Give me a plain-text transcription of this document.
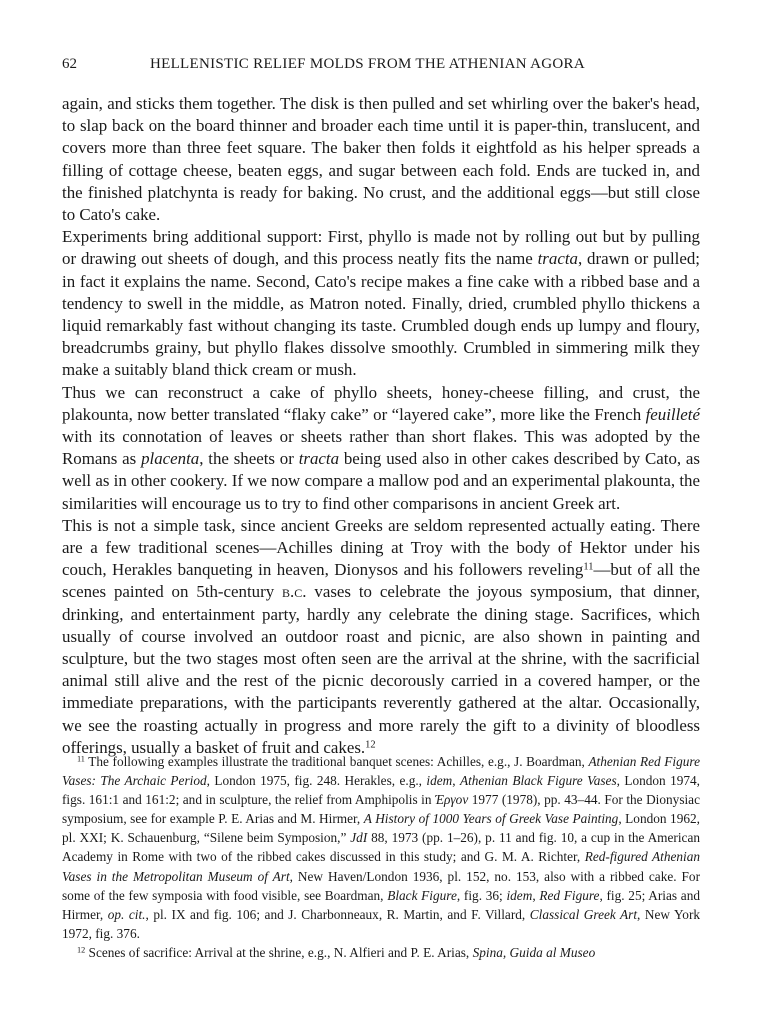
62	HELLENISTIC RELIEF MOLDS FROM THE ATHENIAN AGORA

again, and sticks them together. The disk is then pulled and set whirling over the baker's head, to slap back on the board thinner and broader each time until it is paper-thin, translucent, and covers more than three feet square. The baker then folds it eightfold as his helper spreads a filling of cottage cheese, beaten eggs, and sugar between each fold. Ends are tucked in, and the finished platchynta is ready for baking. No crust, and the additional eggs—but still close to Cato's cake.

Experiments bring additional support: First, phyllo is made not by rolling out but by pulling or drawing out sheets of dough, and this process neatly fits the name tracta, drawn or pulled; in fact it explains the name. Second, Cato's recipe makes a fine cake with a ribbed base and a tendency to swell in the middle, as Matron noted. Finally, dried, crumbled phyllo thickens a liquid remarkably fast without changing its taste. Crumbled dough ends up lumpy and floury, breadcrumbs grainy, but phyllo flakes dissolve smoothly. Crumbled in simmering milk they make a suitably bland thick cream or mush.

Thus we can reconstruct a cake of phyllo sheets, honey-cheese filling, and crust, the plakounta, now better translated “flaky cake” or “layered cake”, more like the French feuilleté with its connotation of leaves or sheets rather than short flakes. This was adopted by the Romans as placenta, the sheets or tracta being used also in other cakes described by Cato, as well as in other cookery. If we now compare a mallow pod and an experimental plakounta, the similarities will encourage us to try to find other comparisons in ancient Greek art.

This is not a simple task, since ancient Greeks are seldom represented actually eating. There are a few traditional scenes—Achilles dining at Troy with the body of Hektor under his couch, Herakles banqueting in heaven, Dionysos and his followers reveling$^{11}$—but of all the scenes painted on 5th-century b.c. vases to celebrate the joyous symposium, that dinner, drinking, and entertainment party, hardly any celebrate the dining stage. Sacrifices, which usually of course involved an outdoor roast and picnic, are also shown in painting and sculpture, but the two stages most often seen are the arrival at the shrine, with the sacrificial animal still alive and the rest of the picnic decorously carried in a covered hamper, or the immediate preparations, with the participants reverently gathered at the altar. Occasionally, we see the roasting actually in progress and more rarely the gift to a divinity of bloodless offerings, usually a basket of fruit and cakes.$^{12}$

$^{11}$ The following examples illustrate the traditional banquet scenes: Achilles, e.g., J. Boardman, Athenian Red Figure Vases: The Archaic Period, London 1975, fig. 248. Herakles, e.g., idem, Athenian Black Figure Vases, London 1974, figs. 161:1 and 161:2; and in sculpture, the relief from Amphipolis in Έργον 1977 (1978), pp. 43–44. For the Dionysiac symposium, see for example P. E. Arias and M. Hirmer, A History of 1000 Years of Greek Vase Painting, London 1962, pl. XXI; K. Schauenburg, “Silene beim Symposion,” JdI 88, 1973 (pp. 1–26), p. 11 and fig. 10, a cup in the American Academy in Rome with two of the ribbed cakes discussed in this study; and G. M. A. Richter, Red-figured Athenian Vases in the Metropolitan Museum of Art, New Haven/London 1936, pl. 152, no. 153, also with a ribbed cake. For some of the few symposia with food visible, see Boardman, Black Figure, fig. 36; idem, Red Figure, fig. 25; Arias and Hirmer, op. cit., pl. IX and fig. 106; and J. Charbonneaux, R. Martin, and F. Villard, Classical Greek Art, New York 1972, fig. 376.

$^{12}$ Scenes of sacrifice: Arrival at the shrine, e.g., N. Alfieri and P. E. Arias, Spina, Guida al Museo
